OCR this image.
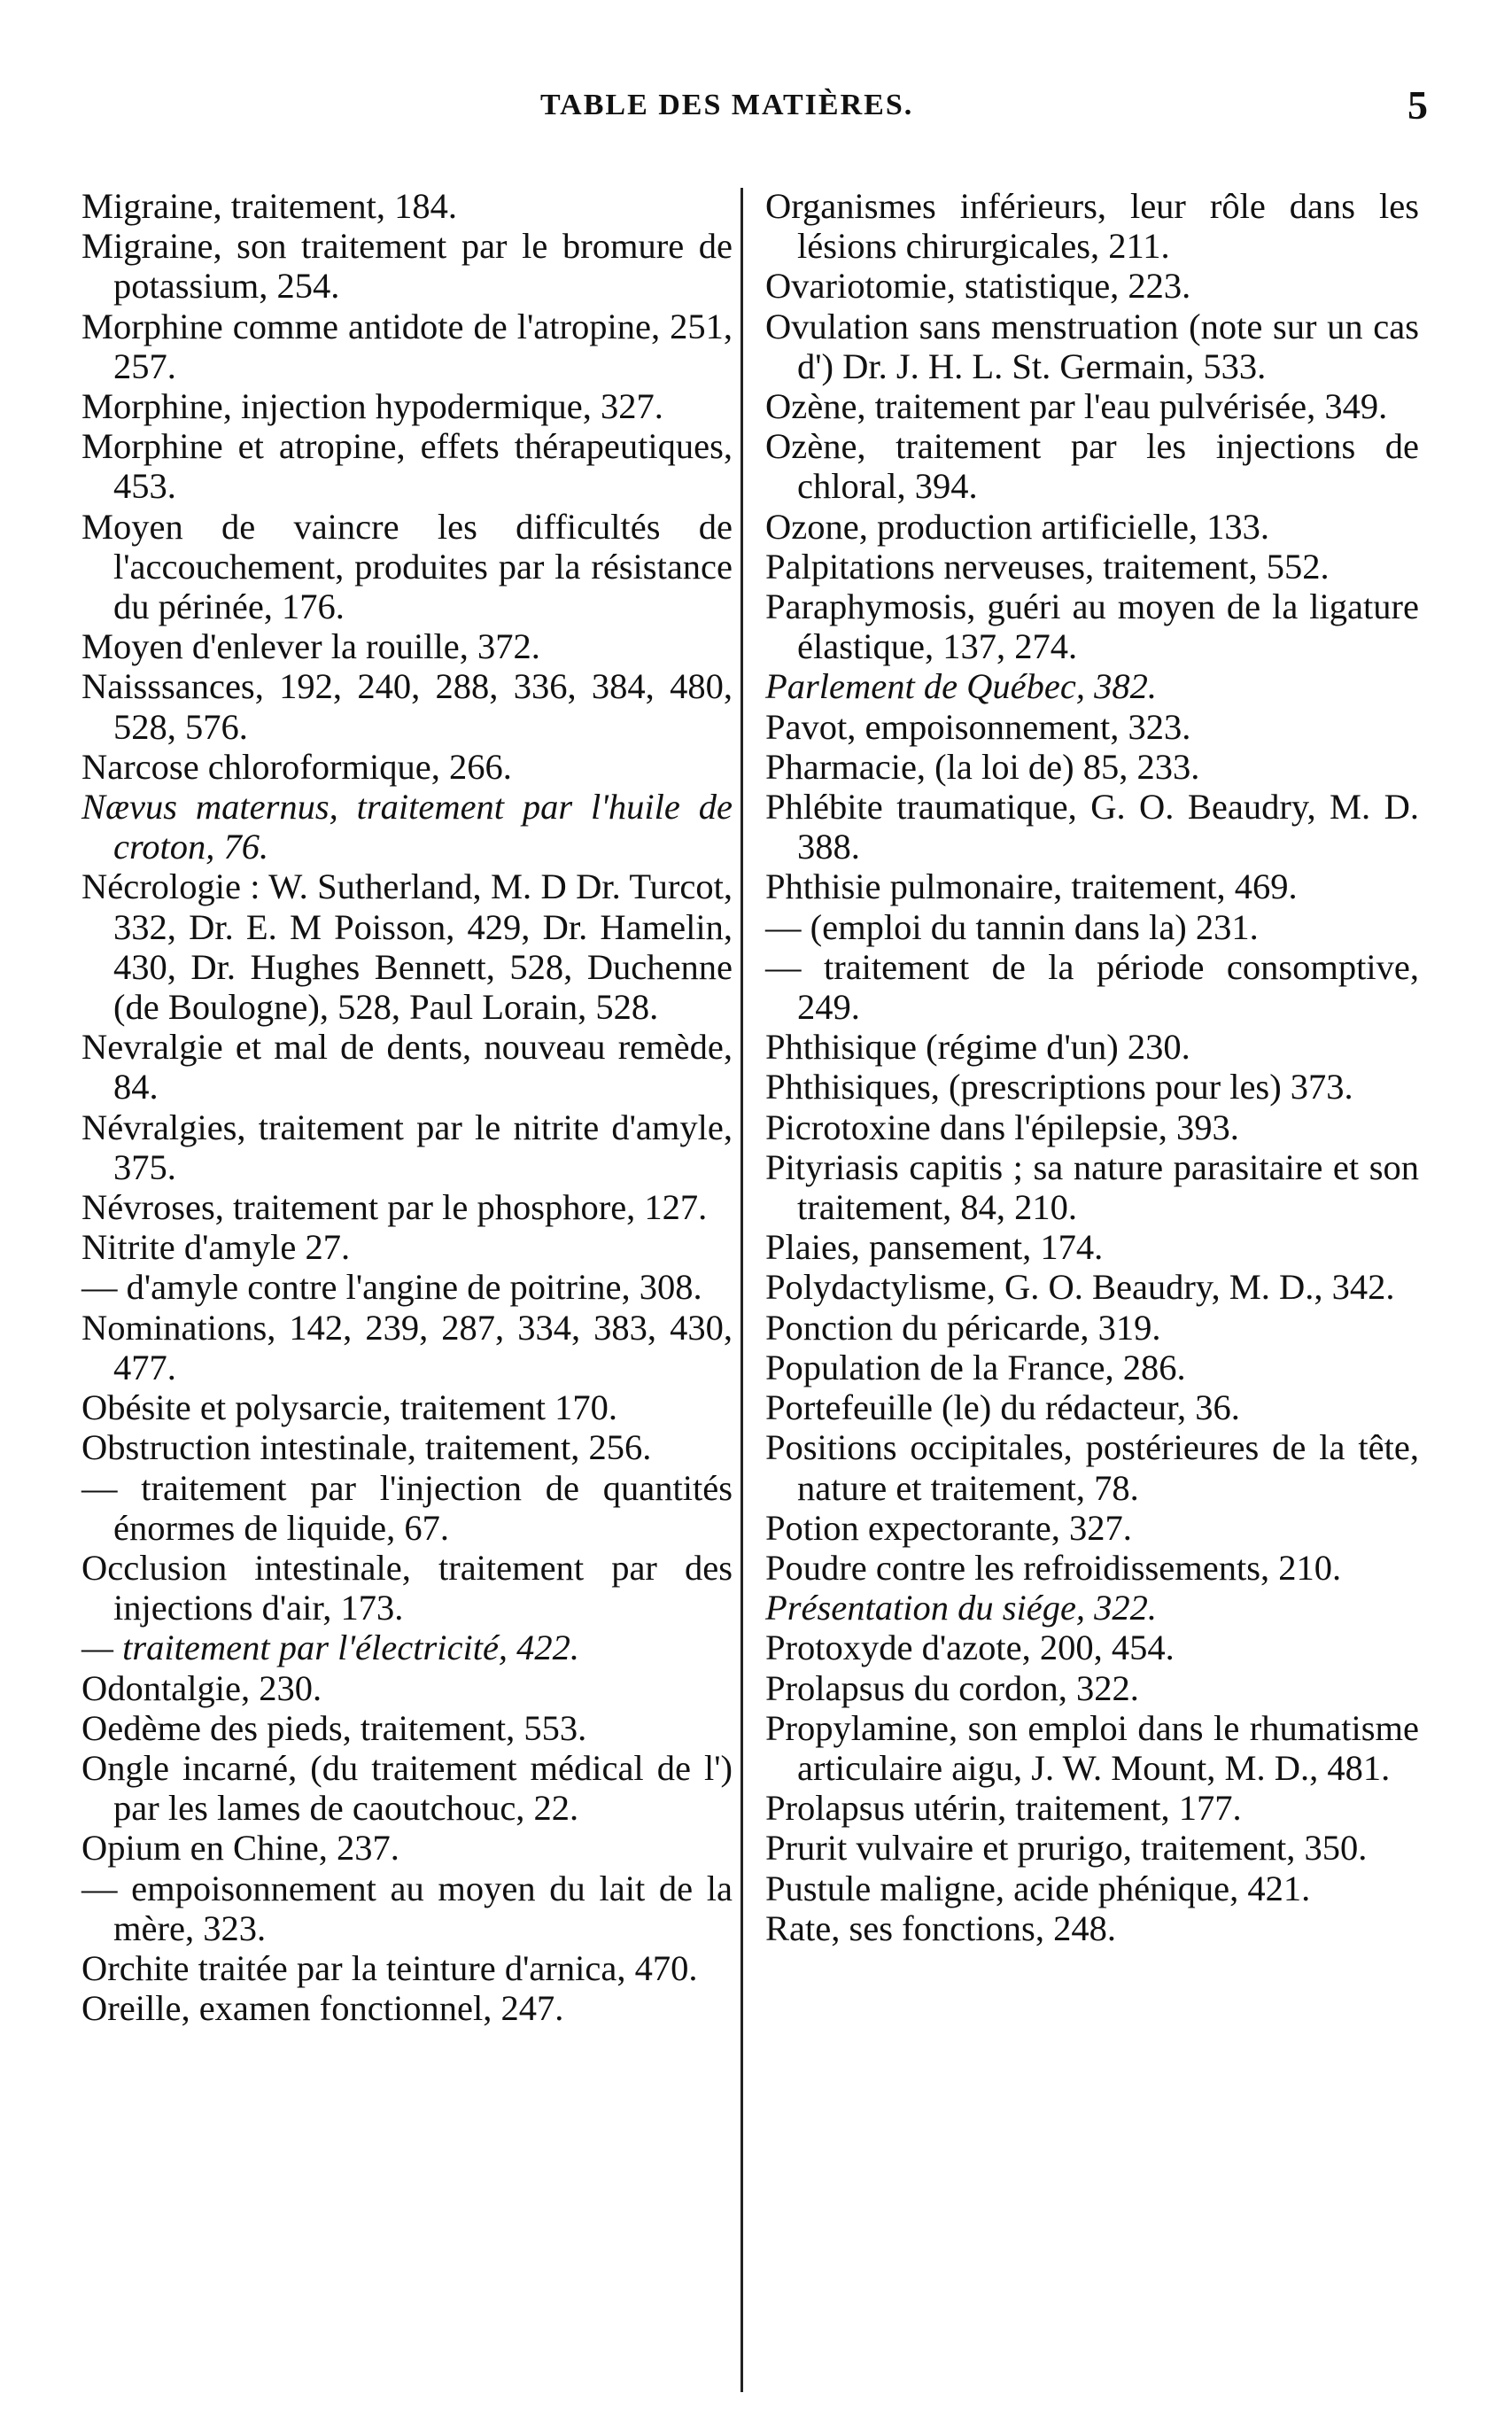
TABLE DES MATIÈRES.	5

Migraine, traitement, 184.

Migraine, son traitement par le bromure de potassium, 254.

Morphine comme antidote de l'atropine, 251, 257.

Morphine, injection hypodermique, 327.

Morphine et atropine, effets thérapeutiques, 453.

Moyen de vaincre les difficultés de l'accouchement, produites par la résistance du périnée, 176.

Moyen d'enlever la rouille, 372.

Naisssances, 192, 240, 288, 336, 384, 480, 528, 576.

Narcose chloroformique, 266.

Nævus maternus, traitement par l'huile de croton, 76.

Nécrologie : W. Sutherland, M. D Dr. Turcot, 332, Dr. E. M Poisson, 429, Dr. Hamelin, 430, Dr. Hughes Bennett, 528, Duchenne (de Boulogne), 528, Paul Lorain, 528.

Nevralgie et mal de dents, nouveau remède, 84.

Névralgies, traitement par le nitrite d'amyle, 375.

Névroses, traitement par le phosphore, 127.

Nitrite d'amyle 27.

— d'amyle contre l'angine de poitrine, 308.

Nominations, 142, 239, 287, 334, 383, 430, 477.

Obésite et polysarcie, traitement 170.

Obstruction intestinale, traitement, 256.

— traitement par l'injection de quantités énormes de liquide, 67.

Occlusion intestinale, traitement par des injections d'air, 173.

— traitement par l'électricité, 422.

Odontalgie, 230.

Oedème des pieds, traitement, 553.

Ongle incarné, (du traitement médical de l') par les lames de caoutchouc, 22.

Opium en Chine, 237.

— empoisonnement au moyen du lait de la mère, 323.

Orchite traitée par la teinture d'arnica, 470.

Oreille, examen fonctionnel, 247.

Organismes inférieurs, leur rôle dans les lésions chirurgicales, 211.

Ovariotomie, statistique, 223.

Ovulation sans menstruation (note sur un cas d') Dr. J. H. L. St. Germain, 533.

Ozène, traitement par l'eau pulvérisée, 349.

Ozène, traitement par les injections de chloral, 394.

Ozone, production artificielle, 133.

Palpitations nerveuses, traitement, 552.

Paraphymosis, guéri au moyen de la ligature élastique, 137, 274.

Parlement de Québec, 382.

Pavot, empoisonnement, 323.

Pharmacie, (la loi de) 85, 233.

Phlébite traumatique, G. O. Beaudry, M. D. 388.

Phthisie pulmonaire, traitement, 469.

— (emploi du tannin dans la) 231.

— traitement de la période consomptive, 249.

Phthisique (régime d'un) 230.

Phthisiques, (prescriptions pour les) 373.

Picrotoxine dans l'épilepsie, 393.

Pityriasis capitis ; sa nature parasitaire et son traitement, 84, 210.

Plaies, pansement, 174.

Polydactylisme, G. O. Beaudry, M. D., 342.

Ponction du péricarde, 319.

Population de la France, 286.

Portefeuille (le) du rédacteur, 36.

Positions occipitales, postérieures de la tête, nature et traitement, 78.

Potion expectorante, 327.

Poudre contre les refroidissements, 210.

Présentation du siége, 322.

Protoxyde d'azote, 200, 454.

Prolapsus du cordon, 322.

Propylamine, son emploi dans le rhumatisme articulaire aigu, J. W. Mount, M. D., 481.

Prolapsus utérin, traitement, 177.

Prurit vulvaire et prurigo, traitement, 350.

Pustule maligne, acide phénique, 421.

Rate, ses fonctions, 248.
